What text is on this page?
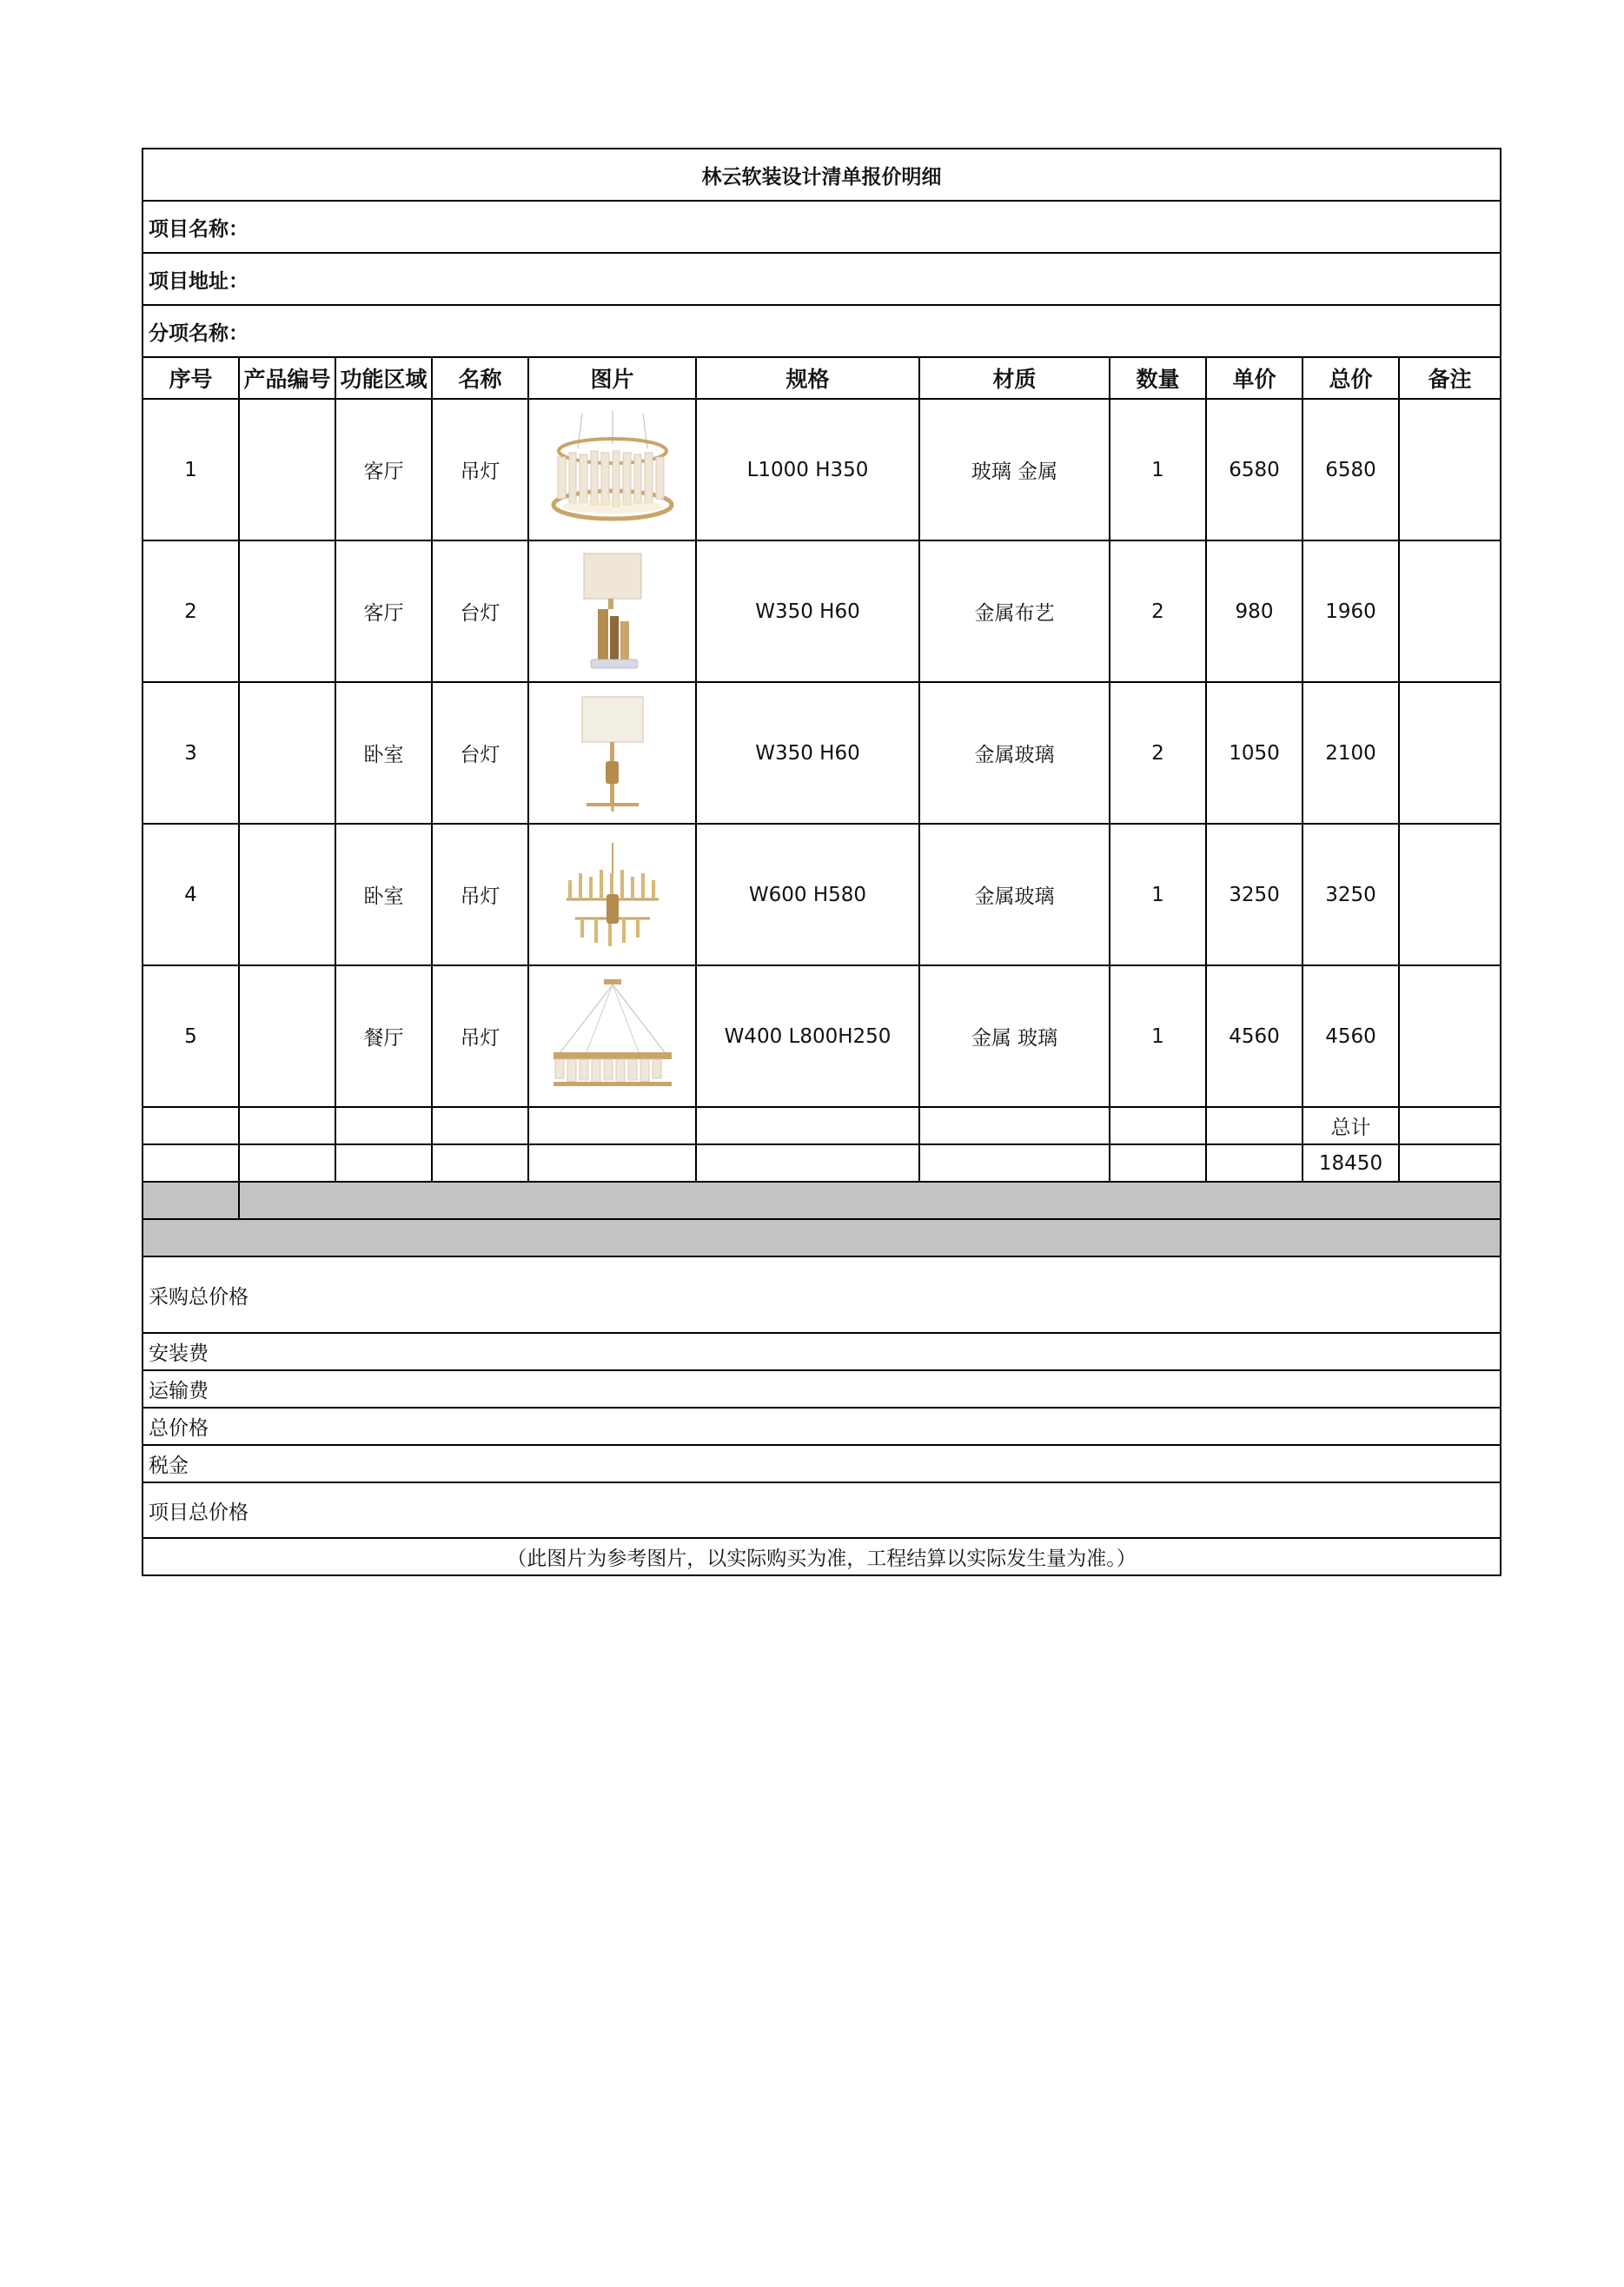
林云软装设计清单报价明细										
项目名称：										
项目地址：										
分项名称：										
序号	产品编号	功能区域	名称	图片	规格	材质	数量	单价	总价	备注
1		客厅	吊灯		L1000 H350	玻璃 金属	1	6580	6580	
2		客厅	台灯		W350 H60	金属布艺	2	980	1960	
3		卧室	台灯		W350 H60	金属玻璃	2	1050	2100	
4		卧室	吊灯		W600 H580	金属玻璃	1	3250	3250	
5		餐厅	吊灯		W400 L800H250	金属 玻璃	1	4560	4560	
									总计	
									18450	

采购总价格										
安装费										
运输费										
总价格										
税金										
项目总价格										
（此图片为参考图片，以实际购买为准，工程结算以实际发生量为准。）										
